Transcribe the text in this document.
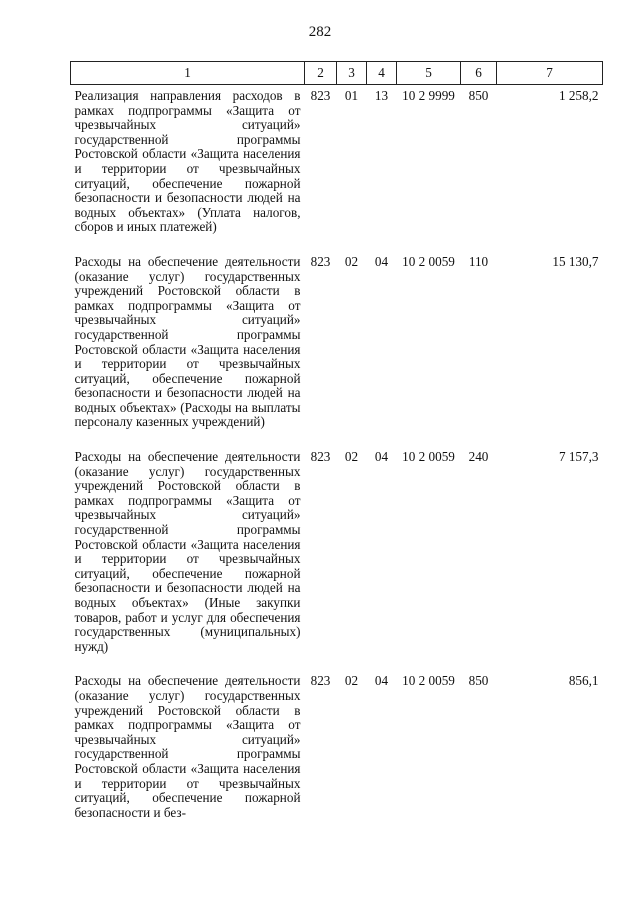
282
1	2	3	4	5	6	7
Реализация направления расходов в рамках подпрограммы «Защита от чрезвычайных ситуаций» государственной программы Ростовской области «Защита населения и территории от чрезвычайных ситуаций, обеспечение пожарной безопасности и безопасности людей на водных объектах» (Уплата налогов, сборов и иных платежей)	823	01	13	10 2 9999	850	1 258,2
Расходы на обеспечение деятельности (оказание услуг) государственных учреждений Ростовской области в рамках подпрограммы «Защита от чрезвычайных ситуаций» государственной программы Ростовской области «Защита населения и территории от чрезвычайных ситуаций, обеспечение пожарной безопасности и безопасности людей на водных объектах» (Расходы на выплаты персоналу казенных учреждений)	823	02	04	10 2 0059	110	15 130,7
Расходы на обеспечение деятельности (оказание услуг) государственных учреждений Ростовской области в рамках подпрограммы «Защита от чрезвычайных ситуаций» государственной программы Ростовской области «Защита населения и территории от чрезвычайных ситуаций, обеспечение пожарной безопасности и безопасности людей на водных объектах» (Иные закупки товаров, работ и услуг для обеспечения государственных (муниципальных) нужд)	823	02	04	10 2 0059	240	7 157,3
Расходы на обеспечение деятельности (оказание услуг) государственных учреждений Ростовской области в рамках подпрограммы «Защита от чрезвычайных ситуаций» государственной программы Ростовской области «Защита населения и территории от чрезвычайных ситуаций, обеспечение пожарной безопасности и без-	823	02	04	10 2 0059	850	856,1
